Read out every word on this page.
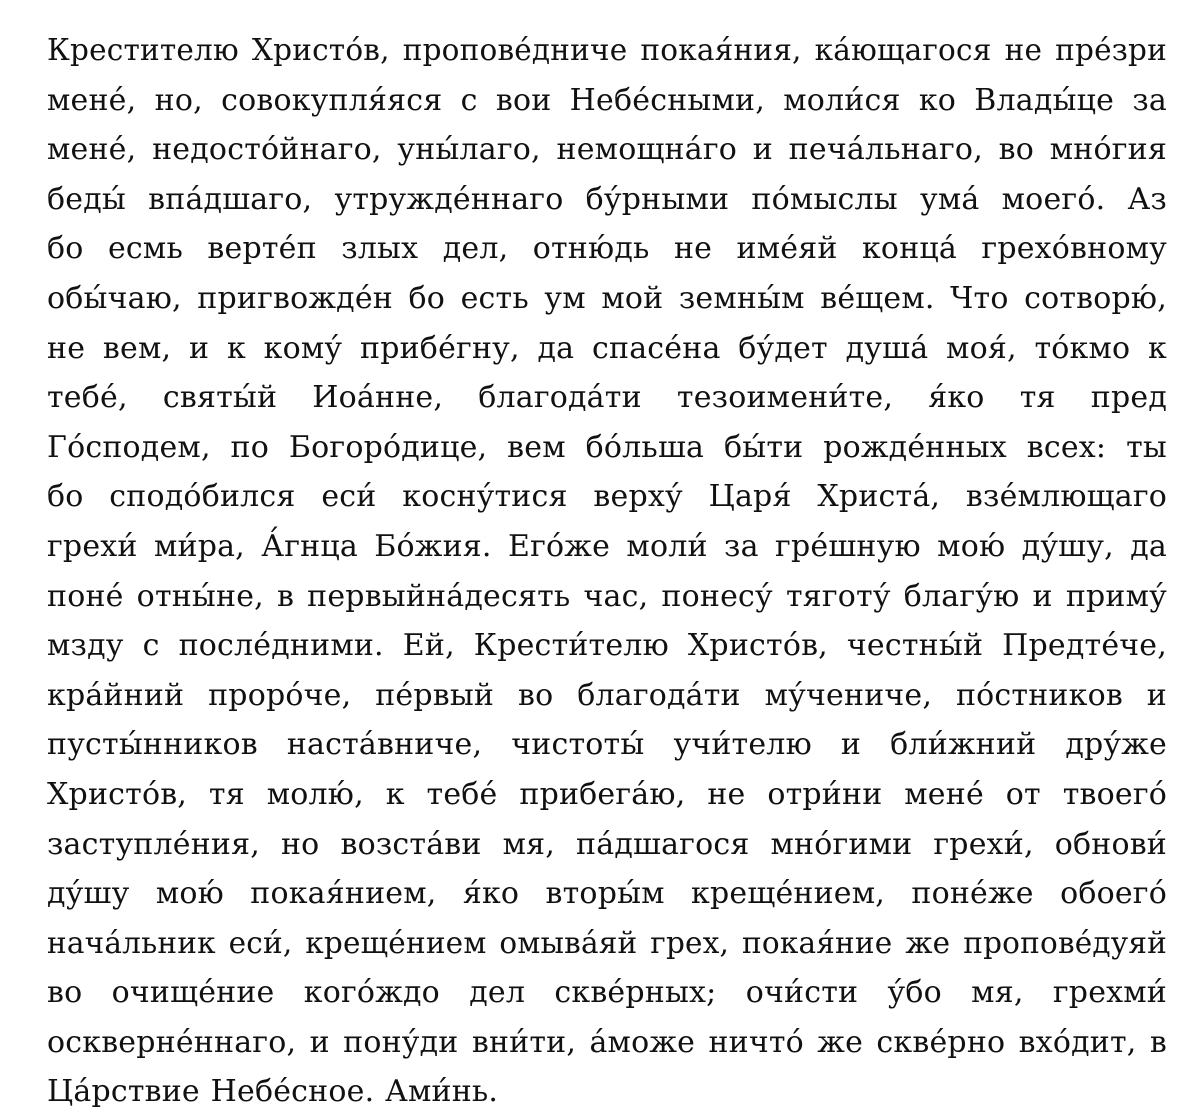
Крестителю Христо́в, пропове́дниче покая́ния, ка́ющагося не пре́зри
мене́, но, совокупля́яся с вои Небе́сными, моли́ся ко Влады́це за
мене́, недосто́йнаго, уны́лаго, немощна́го и печа́льнаго, во мно́гия
беды́ впа́дшаго, утружде́ннаго бу́рными по́мыслы ума́ моего́. Аз
бо есмь верте́п злых дел, отню́дь не име́яй конца́ грехо́вному
обы́чаю, пригвожде́н бо есть ум мой земны́м ве́щем. Что сотворю́,
не вем, и к кому́ прибе́гну, да спасе́на бу́дет душа́ моя́, то́кмо к
тебе́, святы́й Иоа́нне, благода́ти тезоимени́те, я́ко тя пред
Го́сподем, по Богоро́дице, вем бо́льша бы́ти рожде́нных всех: ты
бо сподо́бился еси́ косну́тися верху́ Царя́ Христа́, взе́млющаго
грехи́ ми́ра, А́гнца Бо́жия. Его́же моли́ за гре́шную мою́ ду́шу, да
поне́ отны́не, в первыйна́десять час, понесу́ тяготу́ благу́ю и приму́
мзду с после́дними. Ей, Крести́телю Христо́в, честны́й Предте́че,
кра́йний проро́че, пе́рвый во благода́ти му́чениче, по́стников и
пусты́нников наста́вниче, чистоты́ учи́телю и бли́жний дру́же
Христо́в, тя молю́, к тебе́ прибега́ю, не отри́ни мене́ от твоего́
заступле́ния, но возста́ви мя, па́дшагося мно́гими грехи́, обнови́
ду́шу мою́ покая́нием, я́ко вторы́м креще́нием, поне́же обоего́
нача́льник еси́, креще́нием омыва́яй грех, покая́ние же пропове́дуяй
во очище́ние кого́ждо дел скве́рных; очи́сти у́бо мя, грехми́
оскверне́ннаго, и пону́ди вни́ти, а́може ничто́ же скве́рно вхо́дит, в
Ца́рствие Небе́сное. Ами́нь.
